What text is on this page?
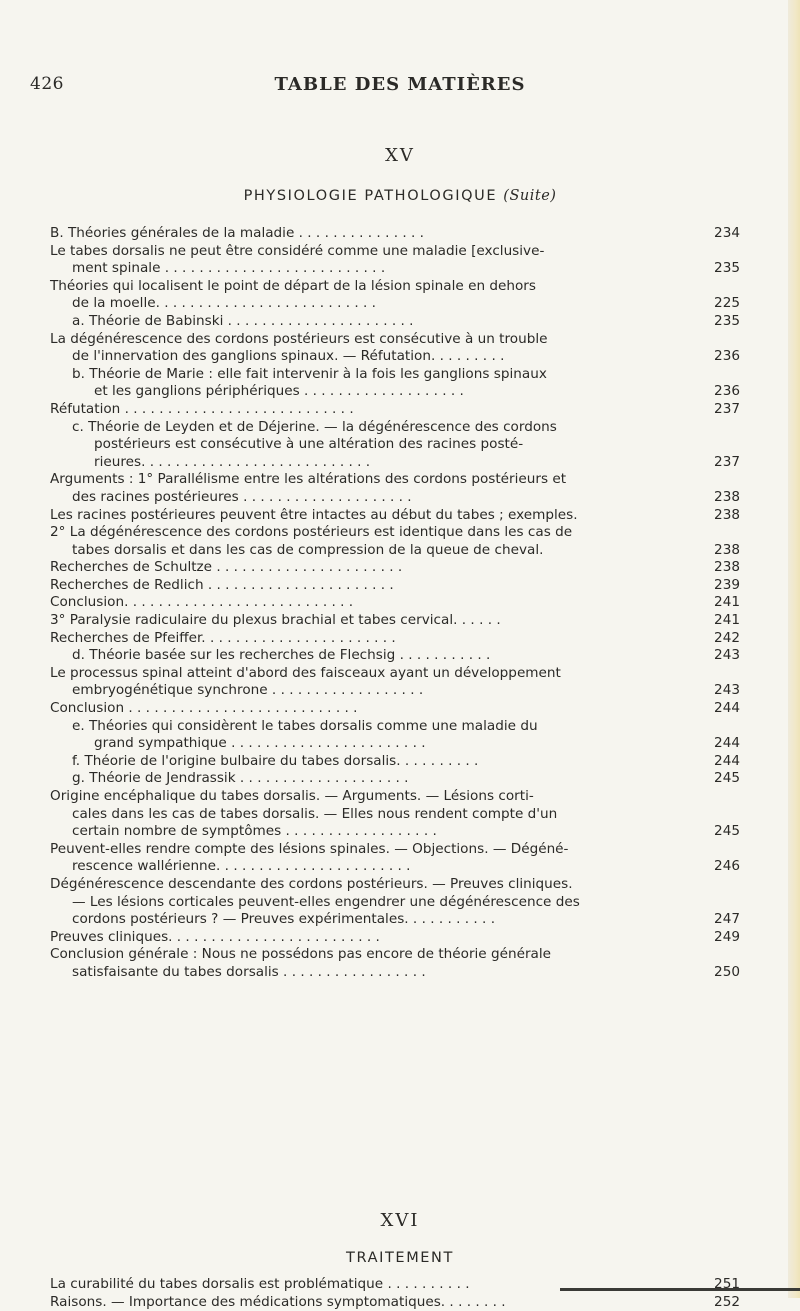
426	TABLE DES MATIÈRES
XV
PHYSIOLOGIE PATHOLOGIQUE (Suite)
B. Théories générales de la maladie . . . . . . . . . . . . . . .	234
Le tabes dorsalis ne peut être considéré comme une maladie [exclusive-
ment spinale . . . . . . . . . . . . . . . . . . . . . . . . . .	235
Théories qui localisent le point de départ de la lésion spinale en dehors
de la moelle. . . . . . . . . . . . . . . . . . . . . . . . . .	225
a. Théorie de Babinski . . . . . . . . . . . . . . . . . . . . . .	235
La dégénérescence des cordons postérieurs est consécutive à un trouble
de l'innervation des ganglions spinaux. — Réfutation. . . . . . . . .	236
b. Théorie de Marie : elle fait intervenir à la fois les ganglions spinaux
et les ganglions périphériques . . . . . . . . . . . . . . . . . . .	236
Réfutation . . . . . . . . . . . . . . . . . . . . . . . . . . .	237
c. Théorie de Leyden et de Déjerine. — la dégénérescence des cordons
postérieurs est consécutive à une altération des racines posté-
rieures. . . . . . . . . . . . . . . . . . . . . . . . . . .	237
Arguments : 1° Parallélisme entre les altérations des cordons postérieurs et
des racines postérieures . . . . . . . . . . . . . . . . . . . .	238
Les racines postérieures peuvent être intactes au début du tabes ; exemples.	238
2° La dégénérescence des cordons postérieurs est identique dans les cas de
tabes dorsalis et dans les cas de compression de la queue de cheval.	238
Recherches de Schultze . . . . . . . . . . . . . . . . . . . . . .	238
Recherches de Redlich . . . . . . . . . . . . . . . . . . . . . .	239
Conclusion. . . . . . . . . . . . . . . . . . . . . . . . . . .	241
3° Paralysie radiculaire du plexus brachial et tabes cervical. . . . . .	241
Recherches de Pfeiffer. . . . . . . . . . . . . . . . . . . . . . .	242
d. Théorie basée sur les recherches de Flechsig . . . . . . . . . . .	243
Le processus spinal atteint d'abord des faisceaux ayant un développement
embryogénétique synchrone . . . . . . . . . . . . . . . . . .	243
Conclusion . . . . . . . . . . . . . . . . . . . . . . . . . . .	244
e. Théories qui considèrent le tabes dorsalis comme une maladie du
grand sympathique . . . . . . . . . . . . . . . . . . . . . . .	244
f. Théorie de l'origine bulbaire du tabes dorsalis. . . . . . . . . .	244
g. Théorie de Jendrassik . . . . . . . . . . . . . . . . . . . .	245
Origine encéphalique du tabes dorsalis. — Arguments. — Lésions corti-
cales dans les cas de tabes dorsalis. — Elles nous rendent compte d'un
certain nombre de symptômes . . . . . . . . . . . . . . . . . .	245
Peuvent-elles rendre compte des lésions spinales. — Objections. — Dégéné-
rescence wallérienne. . . . . . . . . . . . . . . . . . . . . . .	246
Dégénérescence descendante des cordons postérieurs. — Preuves cliniques.
— Les lésions corticales peuvent-elles engendrer une dégénérescence des
cordons postérieurs ? — Preuves expérimentales. . . . . . . . . . .	247
Preuves cliniques. . . . . . . . . . . . . . . . . . . . . . . . .	249
Conclusion générale : Nous ne possédons pas encore de théorie générale
satisfaisante du tabes dorsalis . . . . . . . . . . . . . . . . .	250
XVI
TRAITEMENT
La curabilité du tabes dorsalis est problématique . . . . . . . . . .	251
Raisons. — Importance des médications symptomatiques. . . . . . . .	252
